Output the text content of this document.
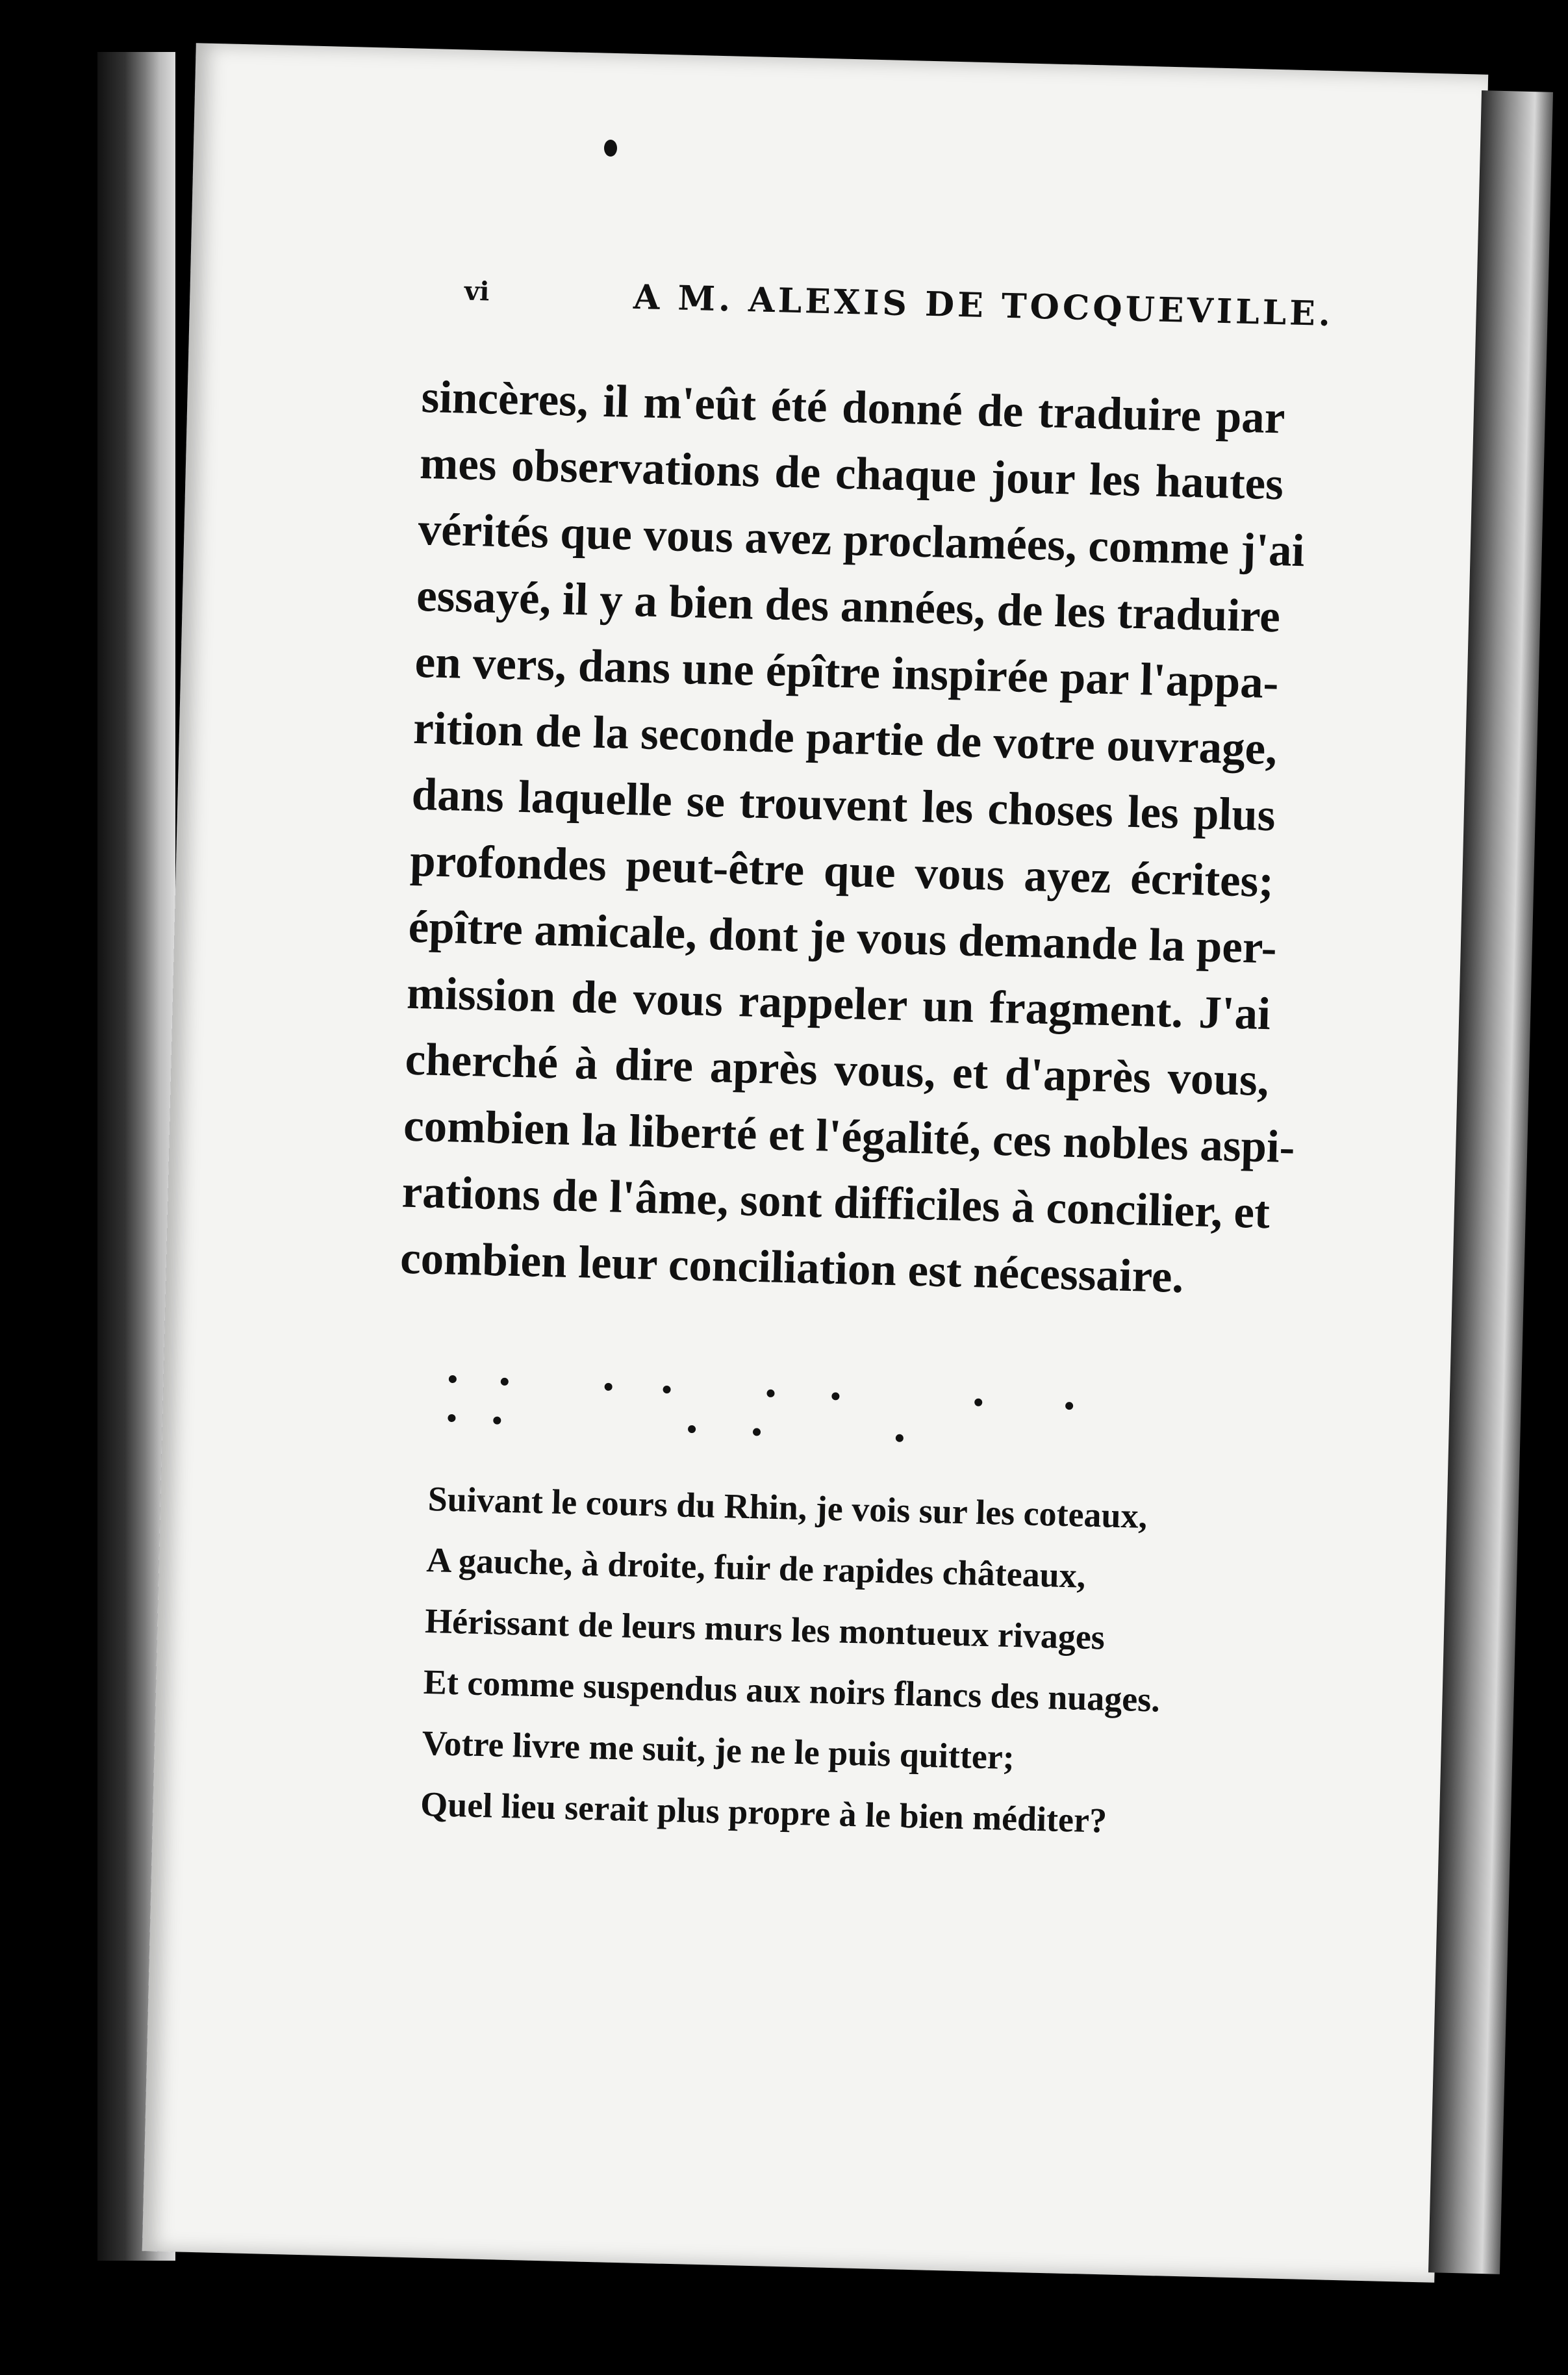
vi	A M. ALEXIS DE TOCQUEVILLE.
sincères, il m'eût été donné de traduire par
mes observations de chaque jour les hautes
vérités que vous avez proclamées, comme j'ai
essayé, il y a bien des années, de les traduire
en vers, dans une épître inspirée par l'appa-
rition de la seconde partie de votre ouvrage,
dans laquelle se trouvent les choses les plus
profondes peut-être que vous ayez écrites;
épître amicale, dont je vous demande la per-
mission de vous rappeler un fragment. J'ai
cherché à dire après vous, et d'après vous,
combien la liberté et l'égalité, ces nobles aspi-
rations de l'âme, sont difficiles à concilier, et
combien leur conciliation est nécessaire.
Suivant le cours du Rhin, je vois sur les coteaux,
A gauche, à droite, fuir de rapides châteaux,
Hérissant de leurs murs les montueux rivages
Et comme suspendus aux noirs flancs des nuages.
Votre livre me suit, je ne le puis quitter;
Quel lieu serait plus propre à le bien méditer?
